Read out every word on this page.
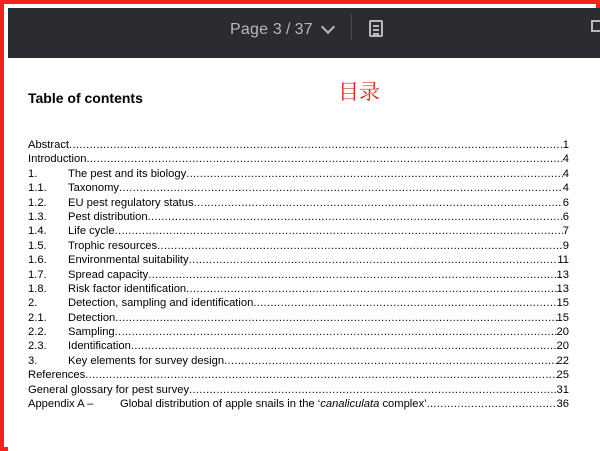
Page
3 / 37
Table of contents	目录
Abstract .....	1
Introduction .....	4
1.	The pest and its biology .....	4
1.1.	Taxonomy .....	4
1.2.	EU pest regulatory status .....	6
1.3.	Pest distribution .....	6
1.4.	Life cycle .....	7
1.5.	Trophic resources .....	9
1.6.	Environmental suitability .....	11
1.7.	Spread capacity .....	13
1.8.	Risk factor identification .....	13
2.	Detection, sampling and identification .....	15
2.1.	Detection .....	15
2.2.	Sampling .....	20
2.3.	Identification .....	20
3.	Key elements for survey design .....	22
References .....	25
General glossary for pest survey .....	31
Appendix A –	Global distribution of apple snails in the ‘canaliculata complex’ .....	36
